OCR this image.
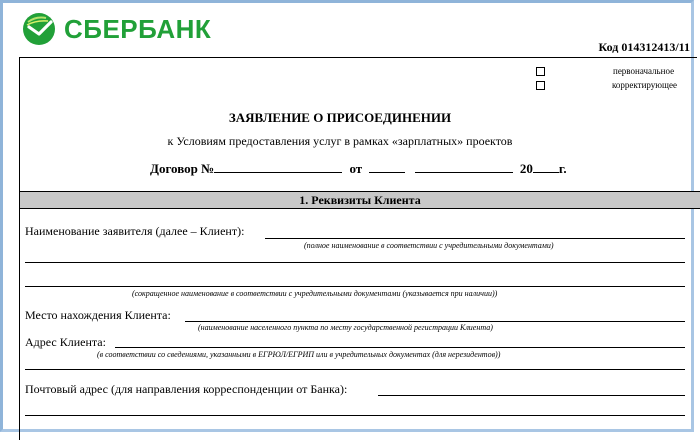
СБЕРБАНК
Код 014312413/11
первоначальное
корректирующее
ЗАЯВЛЕНИЕ О ПРИСОЕДИНЕНИИ
к Условиям предоставления услуг в рамках «зарплатных» проектов
Договор №	от	20 г.
1. Реквизиты Клиента
Наименование заявителя (далее – Клиент):
(полное наименование в соответствии с учредительными документами)
(сокращенное наименование в соответствии с учредительными документами (указывается при наличии))
Место нахождения Клиента:
(наименование населенного пункта по месту государственной регистрации Клиента)
Адрес Клиента:
(в соответствии со сведениями, указанными в ЕГРЮЛ/ЕГРИП или в учредительных документах (для нерезидентов))
Почтовый адрес (для направления корреспонденции от Банка):
